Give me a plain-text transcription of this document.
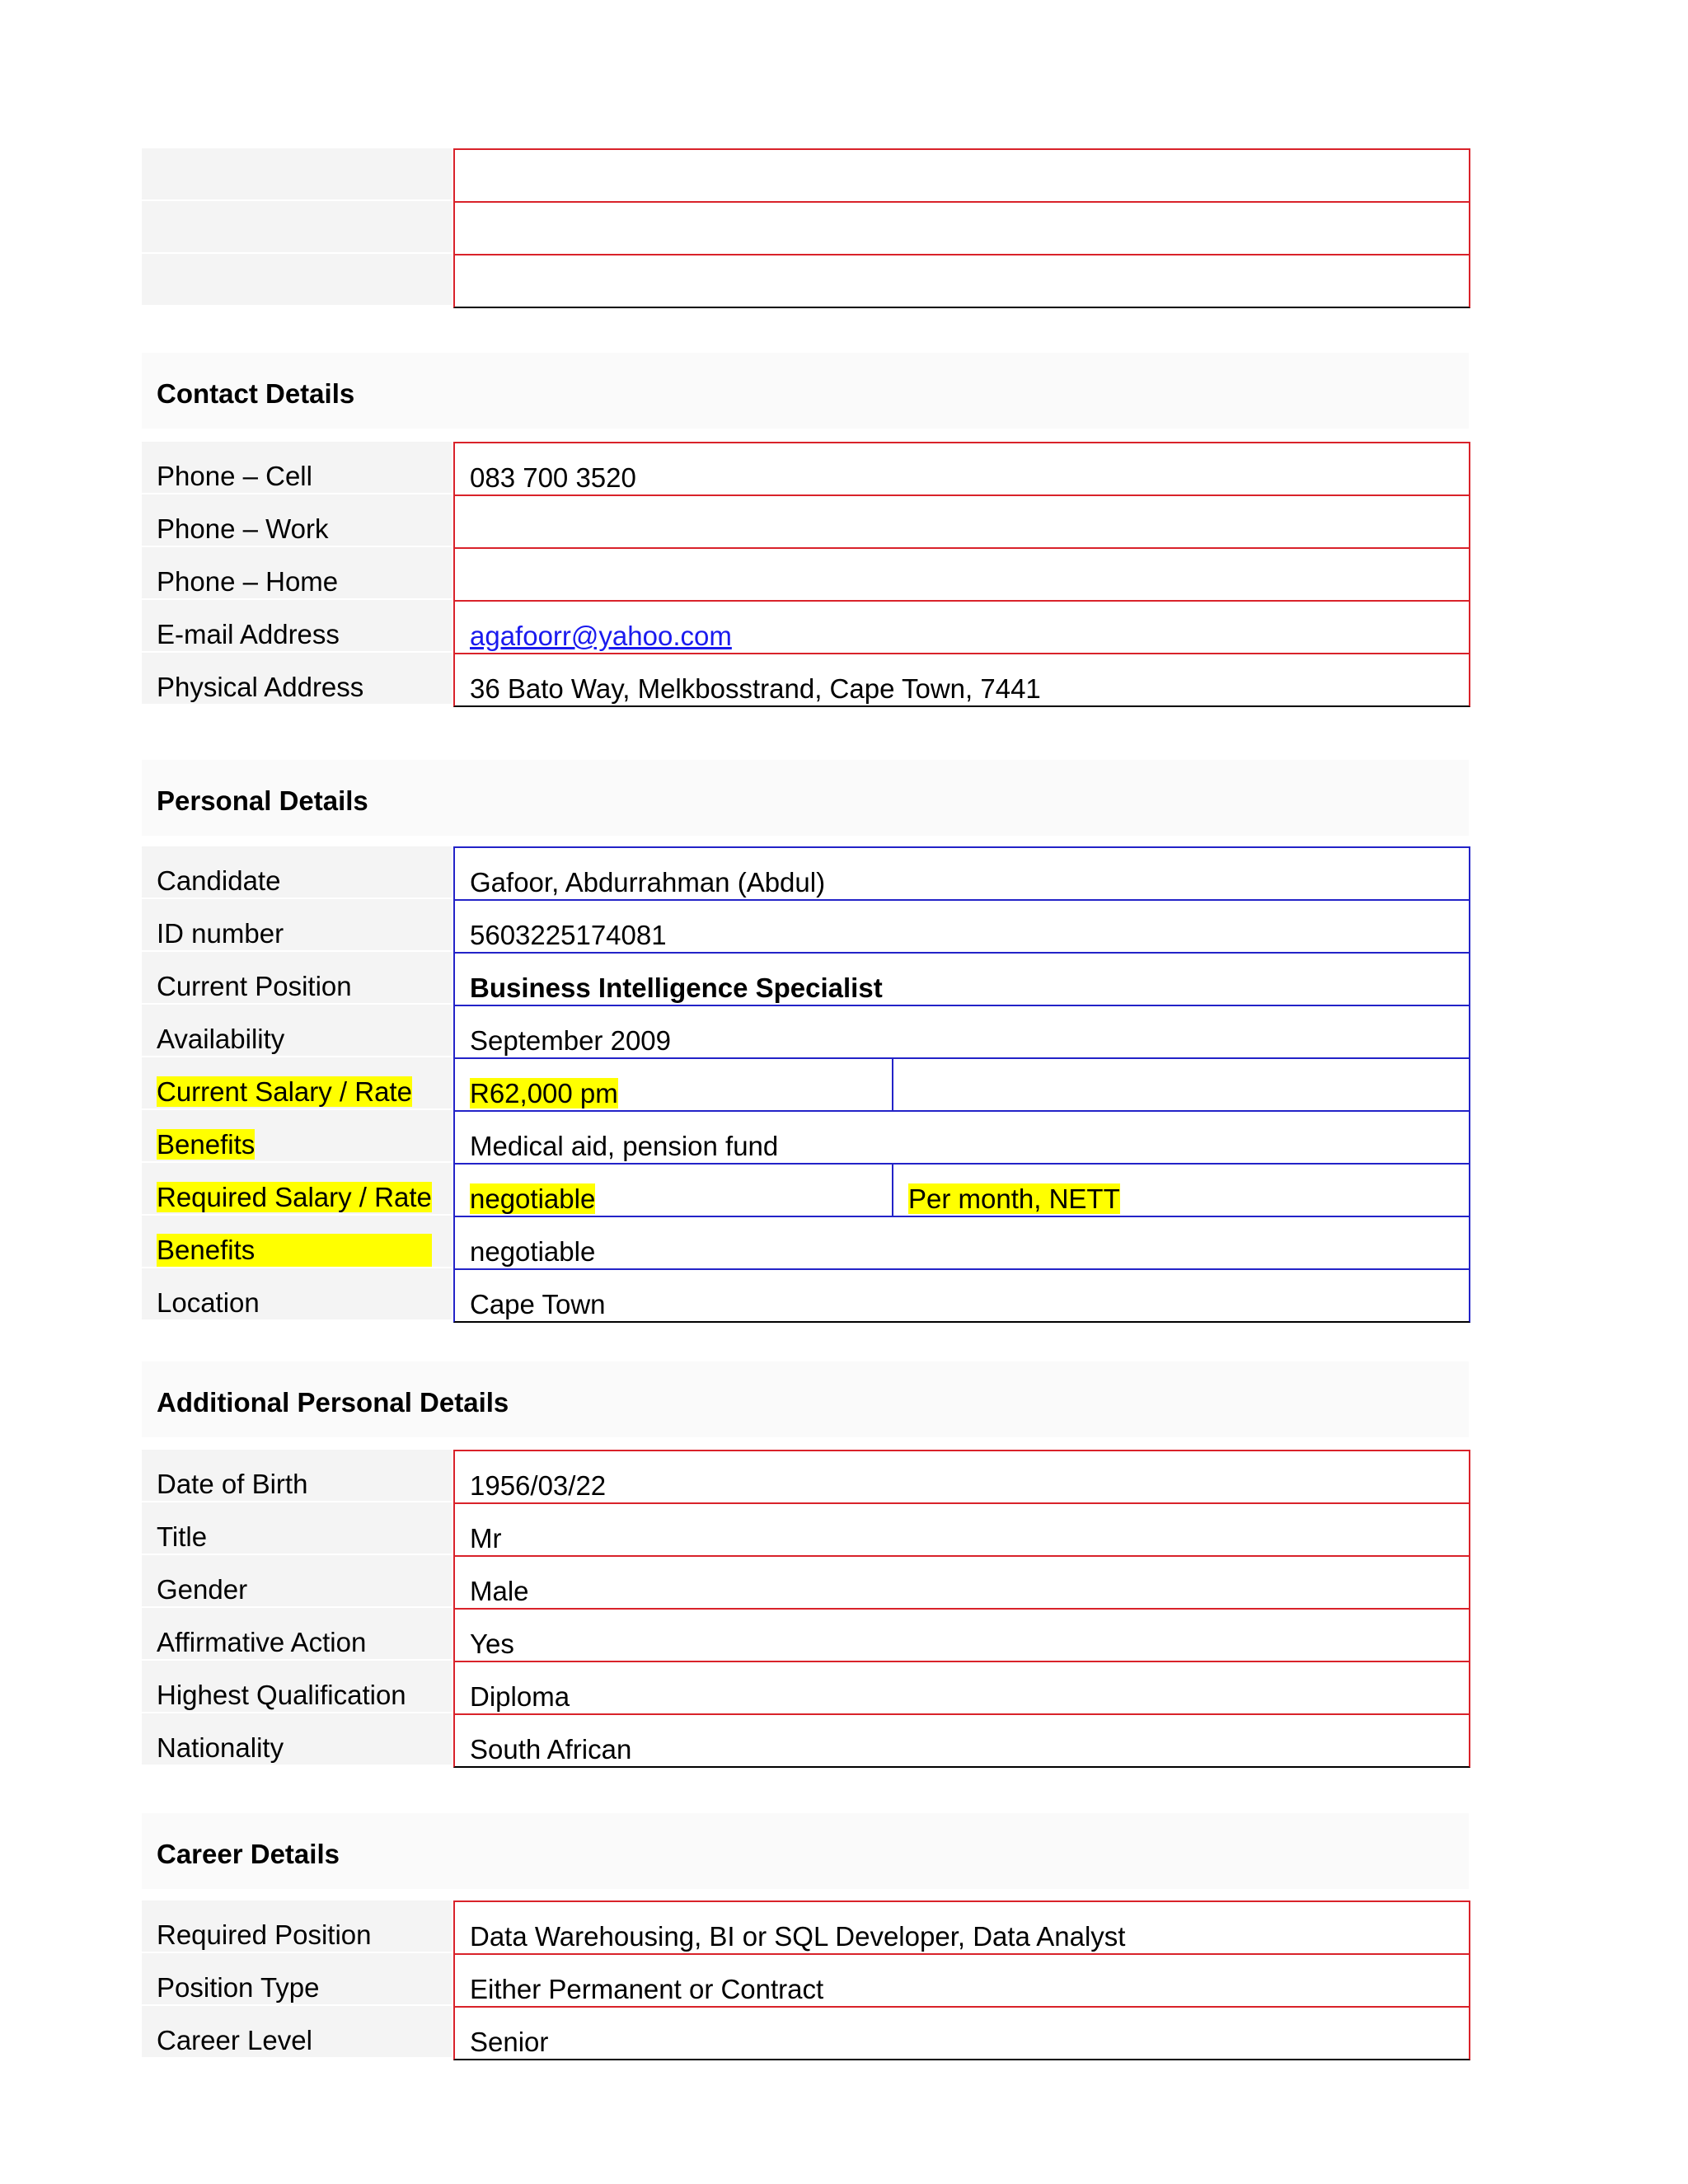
Contact Details
Phone – Cell	083 700 3520
Phone – Work
Phone – Home
E-mail Address	agafoorr@yahoo.com
Physical Address	36 Bato Way, Melkbosstrand, Cape Town, 7441
Personal Details
Candidate	Gafoor, Abdurrahman (Abdul)
ID number	5603225174081
Current Position	Business Intelligence Specialist
Availability	September 2009
Current Salary / Rate	R62,000 pm
Benefits	Medical aid, pension fund
Required Salary / Rate	negotiable	Per month, NETT
Benefits	negotiable
Location	Cape Town
Additional Personal Details
Date of Birth	1956/03/22
Title	Mr
Gender	Male
Affirmative Action	Yes
Highest Qualification	Diploma
Nationality	South African
Career Details
Required Position	Data Warehousing, BI or SQL Developer, Data Analyst
Position Type	Either Permanent or Contract
Career Level	Senior
